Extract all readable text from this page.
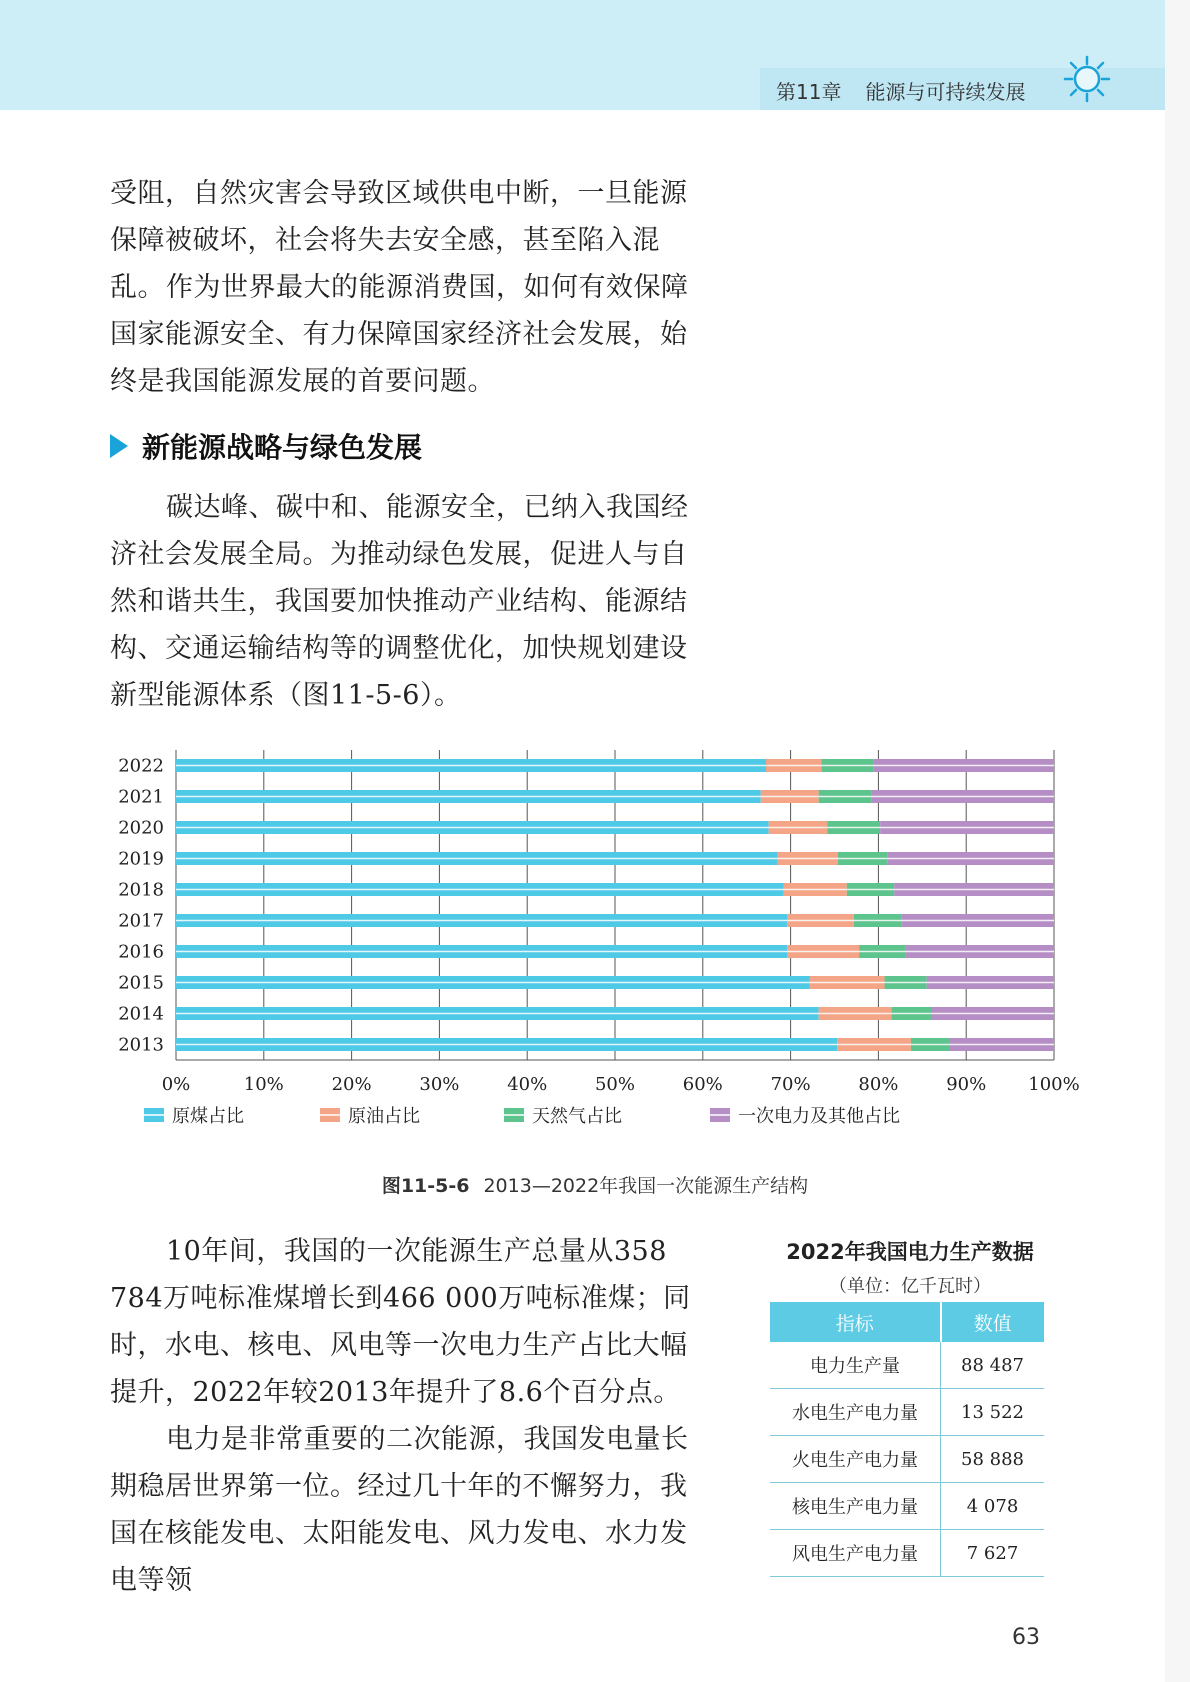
第11章 能源与可持续发展

受阻，自然灾害会导致区域供电中断，一旦能源保障被破坏，社会将失去安全感，甚至陷入混乱。 作为世界最大的能源消费国，如何有效保障国家能源安全、有力保障国家经济社会发展，始终是我国能源发展的首要问题。

新能源战略与绿色发展

碳达峰、碳中和、能源安全，已纳入我国经济社会发展全局。为推动绿色发展，促进人与自然和谐共生，我国要加快推动产业结构、能源结构、交通运输结构等的调整优化，加快规划建设新型能源体系（图11-5-6）。

0%	10%	20%	30%	40%	50%	60%	70%	80%	90% 100%
2022
2021
2020
2019
2018
2017
2016
2015
2014
2013
原煤占比	原油占比	天然气占比	一次电力及其他占比
图11-5-6 2013—2022年我国一次能源生产结构

10年间，我国的一次能源生产总量从358 784万吨标准煤增长到466 000万吨标准煤；同时，水电、核电、风电等一次电力生产占比大幅提升，2022年较2013年提升了8.6个百分点。

电力是非常重要的二次能源，我国发电量长期稳居世界第一位。经过几十年的不懈努力，我国在核能发电、太阳能发电、风力发电、水力发电等领

2022年我国电力生产数据
（单位：亿千瓦时）
指标	数值
电力生产量	88 487
水电生产电力量	13 522
火电生产电力量	58 888
核电生产电力量	4 078
风电生产电力量	7 627
63
